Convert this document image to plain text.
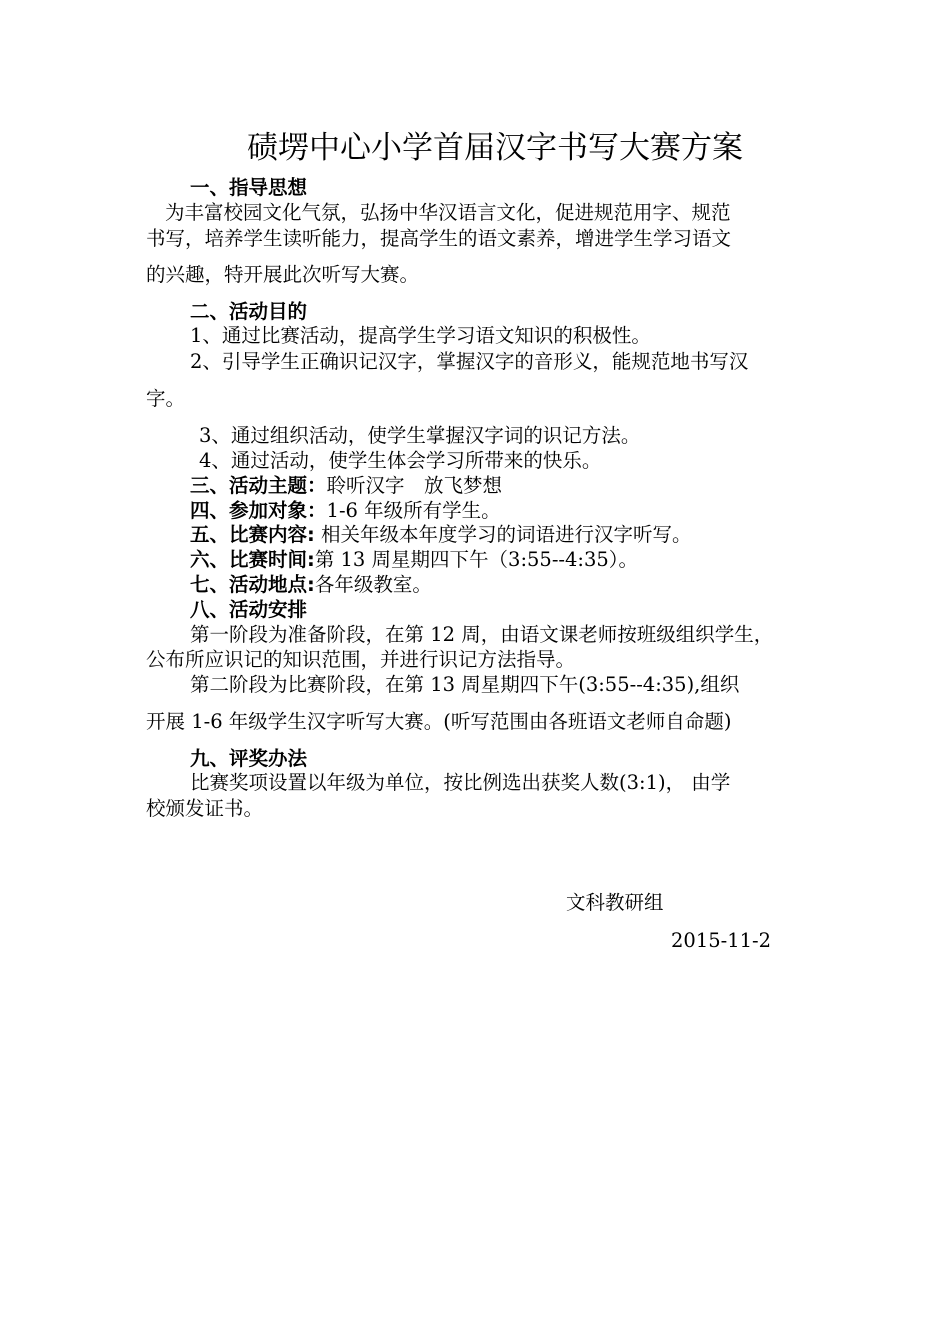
碛塄中心小学首届汉字书写大赛方案
一、指导思想
为丰富校园文化气氛，弘扬中华汉语言文化，促进规范用字、规范
书写，培养学生读听能力，提高学生的语文素养，增进学生学习语文
的兴趣，特开展此次听写大赛。
二、活动目的
1、通过比赛活动，提高学生学习语文知识的积极性。
2、引导学生正确识记汉字，掌握汉字的音形义，能规范地书写汉
字。
3、通过组织活动，使学生掌握汉字词的识记方法。
4、通过活动，使学生体会学习所带来的快乐。
三、活动主题：聆听汉字　放飞梦想
四、参加对象：1-6 年级所有学生。
五、比赛内容: 相关年级本年度学习的词语进行汉字听写。
六、比赛时间:第 13 周星期四下午（3:55--4:35）。
七、活动地点:各年级教室。
八、活动安排
第一阶段为准备阶段，在第 12 周，由语文课老师按班级组织学生，
公布所应识记的知识范围，并进行识记方法指导。
第二阶段为比赛阶段，在第 13 周星期四下午(3:55--4:35),组织
开展 1-6 年级学生汉字听写大赛。(听写范围由各班语文老师自命题)
九、评奖办法
比赛奖项设置以年级为单位，按比例选出获奖人数(3:1)， 由学
校颁发证书。
文科教研组
2015-11-2
